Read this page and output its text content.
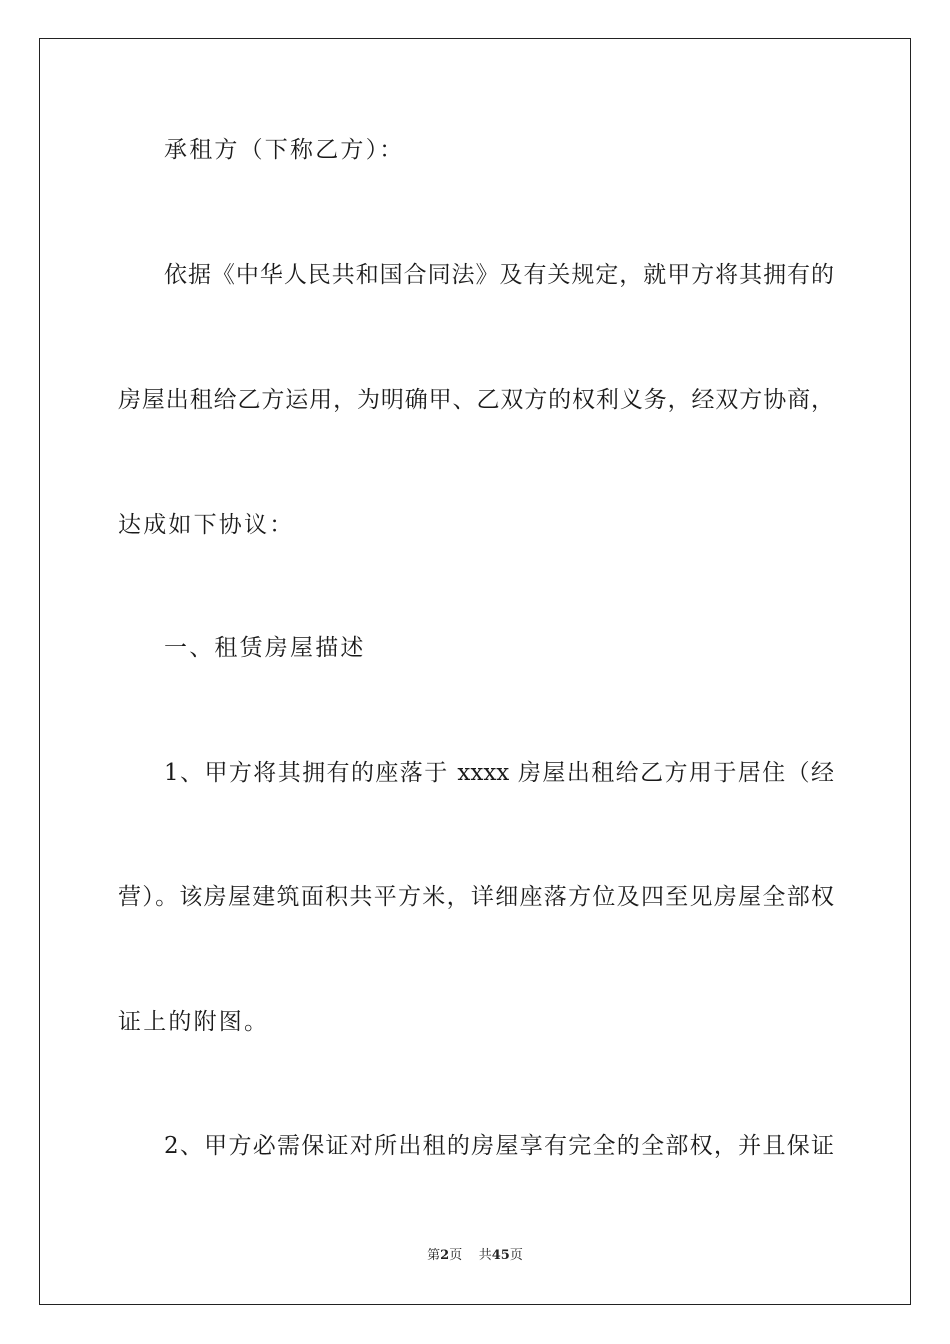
承租方（下称乙方）：
依据《中华人民共和国合同法》及有关规定，就甲方将其拥有的
房屋出租给乙方运用，为明确甲、乙双方的权利义务，经双方协商，
达成如下协议：
一、租赁房屋描述
1、甲方将其拥有的座落于 xxxx 房屋出租给乙方用于居住（经
营）。该房屋建筑面积共平方米，详细座落方位及四至见房屋全部权
证上的附图。
2、甲方必需保证对所出租的房屋享有完全的全部权，并且保证
第2页 共45页
